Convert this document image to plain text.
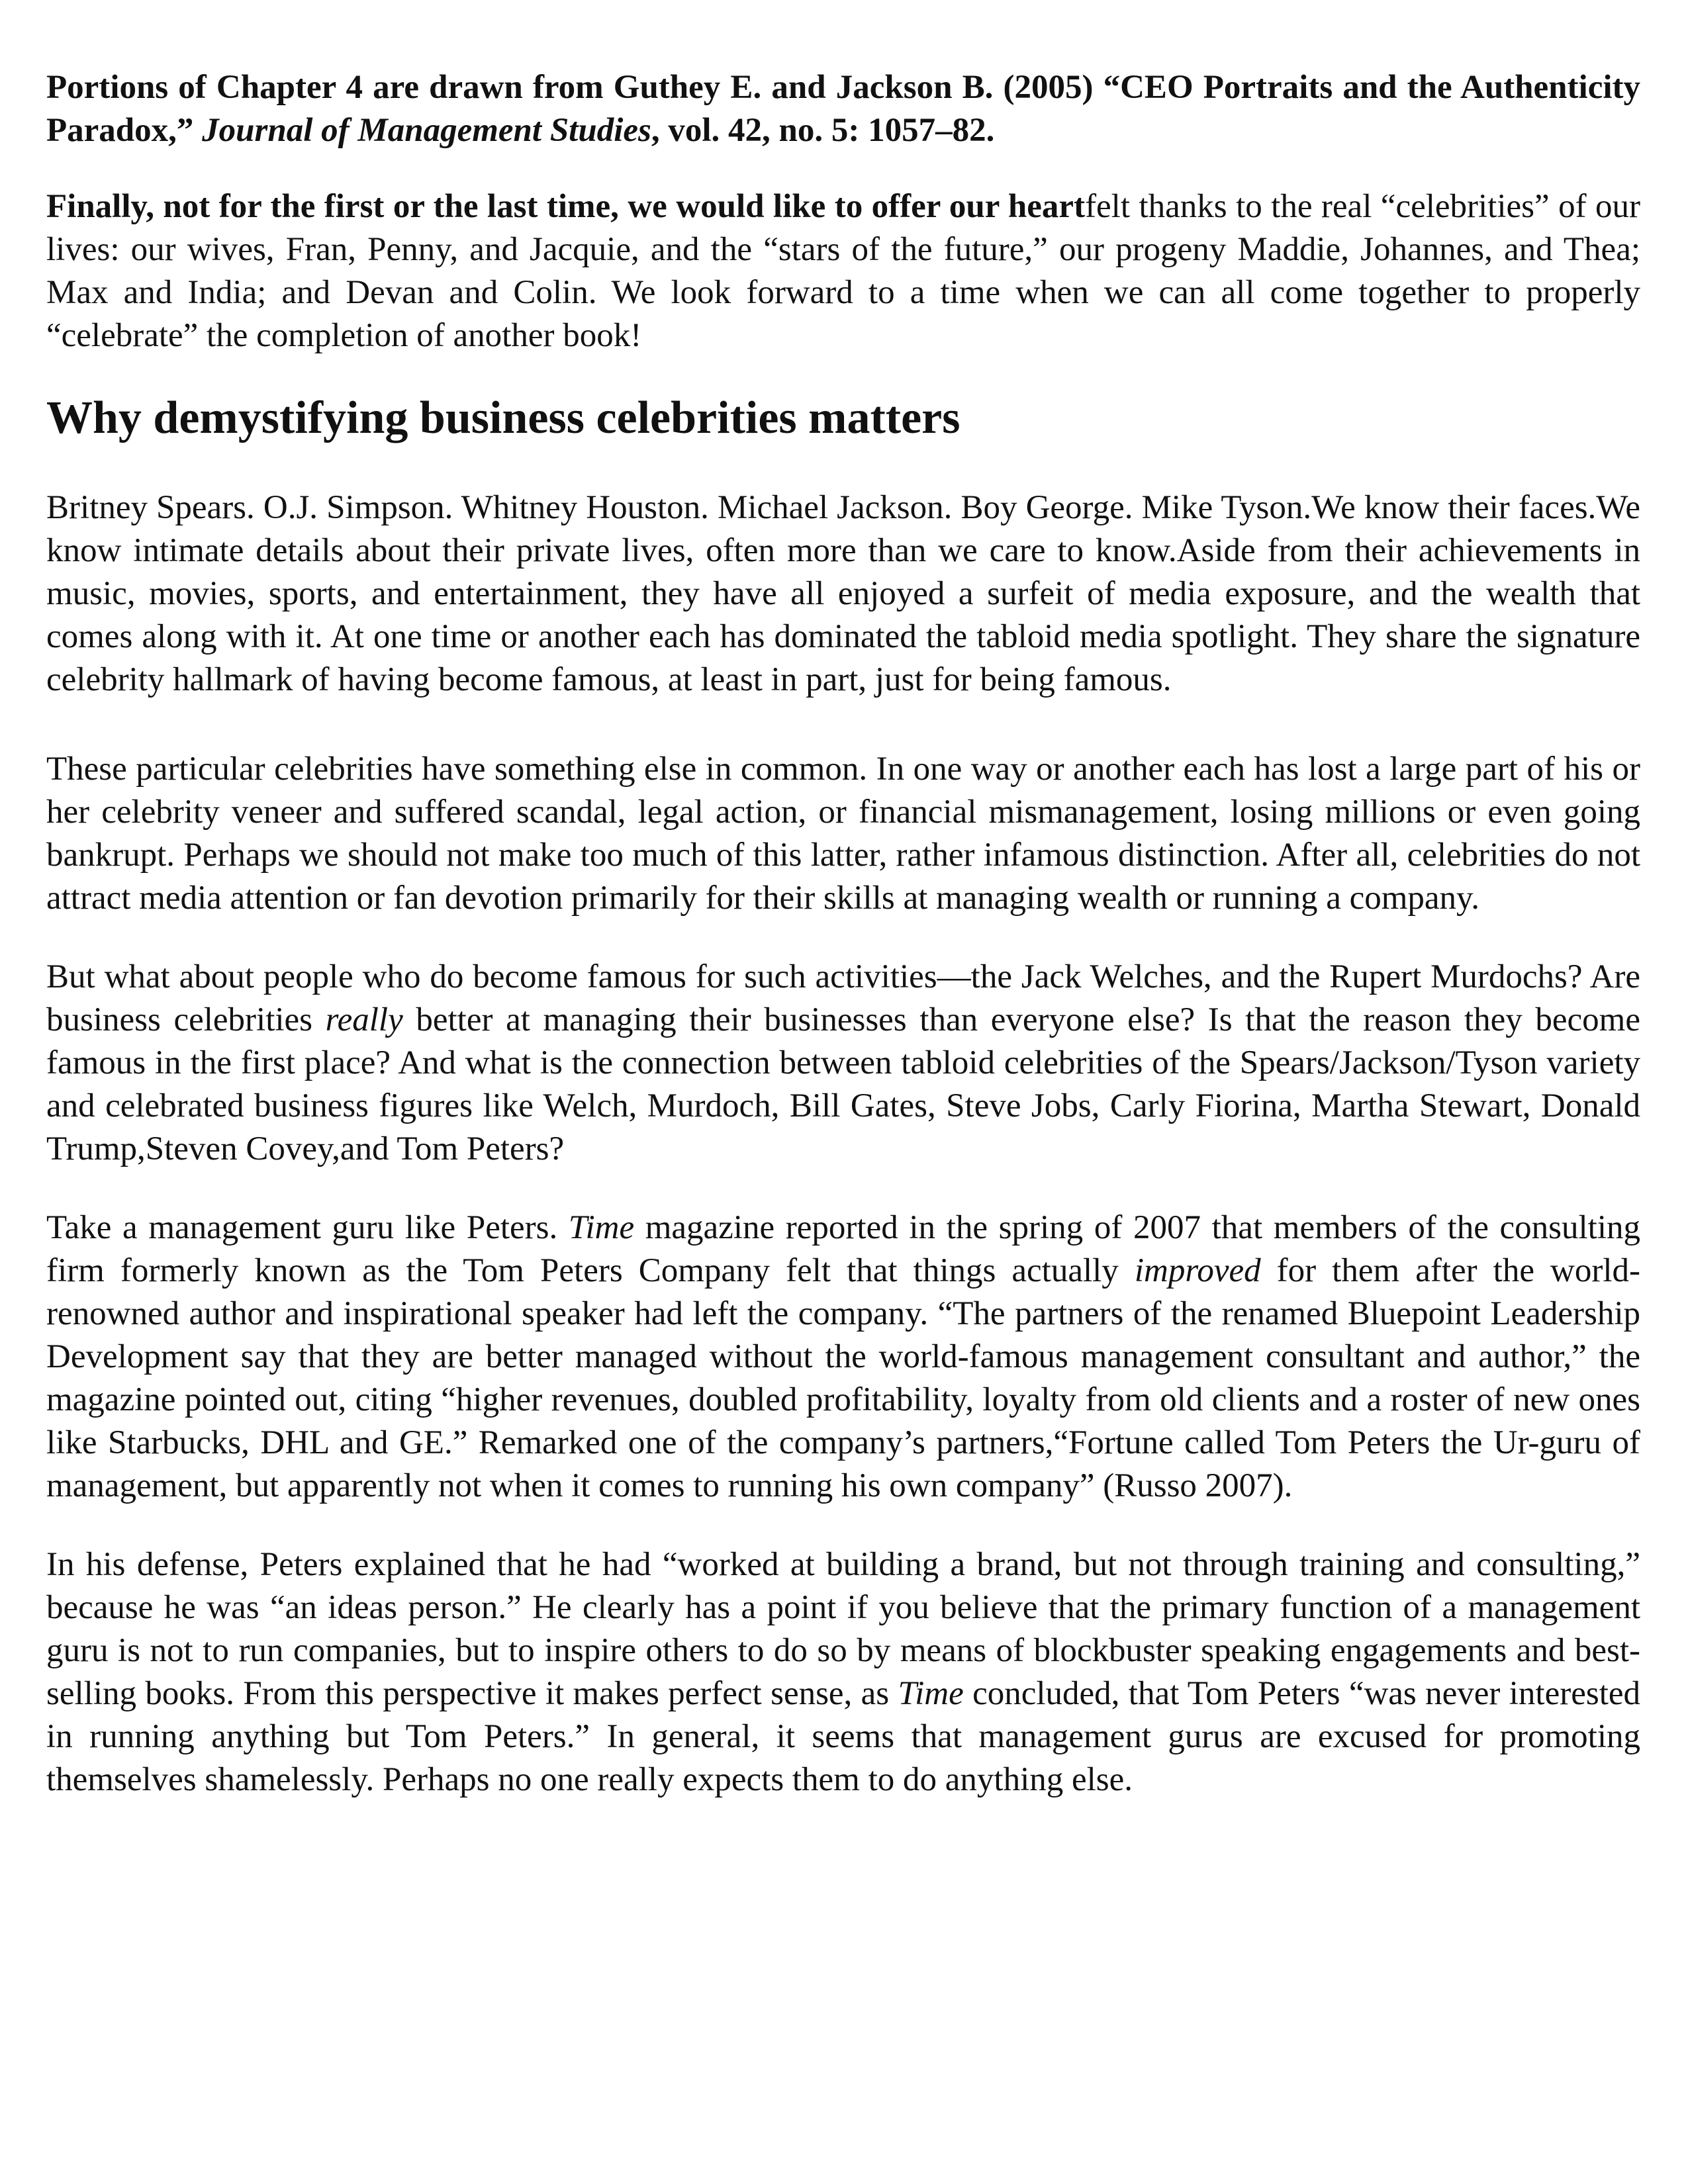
Portions of Chapter 4 are drawn from Guthey E. and Jackson B. (2005) “CEO Portraits and the Authenticity Paradox,” Journal of Management Studies, vol. 42, no. 5: 1057–82.

Finally, not for the first or the last time, we would like to offer our heartfelt thanks to the real “celebrities” of our lives: our wives, Fran, Penny, and Jacquie, and the “stars of the future,” our progeny Maddie, Johannes, and Thea; Max and India; and Devan and Colin. We look forward to a time when we can all come together to properly “celebrate” the completion of another book!

Why demystifying business celebrities matters

Britney Spears. O.J. Simpson. Whitney Houston. Michael Jackson. Boy George. Mike Tyson.We know their faces.We know intimate details about their private lives, often more than we care to know.Aside from their achievements in music, movies, sports, and entertainment, they have all enjoyed a surfeit of media exposure, and the wealth that comes along with it. At one time or another each has dominated the tabloid media spotlight. They share the signature celebrity hallmark of having become famous, at least in part, just for being famous.

These particular celebrities have something else in common. In one way or another each has lost a large part of his or her celebrity veneer and suffered scandal, legal action, or financial mismanagement, losing millions or even going bankrupt. Perhaps we should not make too much of this latter, rather infamous distinction. After all, celebrities do not attract media attention or fan devotion primarily for their skills at managing wealth or running a company.

But what about people who do become famous for such activities—the Jack Welches, and the Rupert Murdochs? Are business celebrities really better at managing their businesses than everyone else? Is that the reason they become famous in the first place? And what is the connection between tabloid celebrities of the Spears/Jackson/Tyson variety and celebrated business figures like Welch, Murdoch, Bill Gates, Steve Jobs, Carly Fiorina, Martha Stewart, Donald Trump,Steven Covey,and Tom Peters?

Take a management guru like Peters. Time magazine reported in the spring of 2007 that members of the consulting firm formerly known as the Tom Peters Company felt that things actually improved for them after the world-renowned author and inspirational speaker had left the company. “The partners of the renamed Bluepoint Leadership Development say that they are better managed without the world-famous management consultant and author,” the magazine pointed out, citing “higher revenues, doubled profitability, loyalty from old clients and a roster of new ones like Starbucks, DHL and GE.” Remarked one of the company’s partners,“Fortune called Tom Peters the Ur-guru of management, but apparently not when it comes to running his own company” (Russo 2007).

In his defense, Peters explained that he had “worked at building a brand, but not through training and consulting,” because he was “an ideas person.” He clearly has a point if you believe that the primary function of a management guru is not to run companies, but to inspire others to do so by means of blockbuster speaking engagements and best-selling books. From this perspective it makes perfect sense, as Time concluded, that Tom Peters “was never interested in running anything but Tom Peters.” In general, it seems that management gurus are excused for promoting themselves shamelessly. Perhaps no one really expects them to do anything else.
